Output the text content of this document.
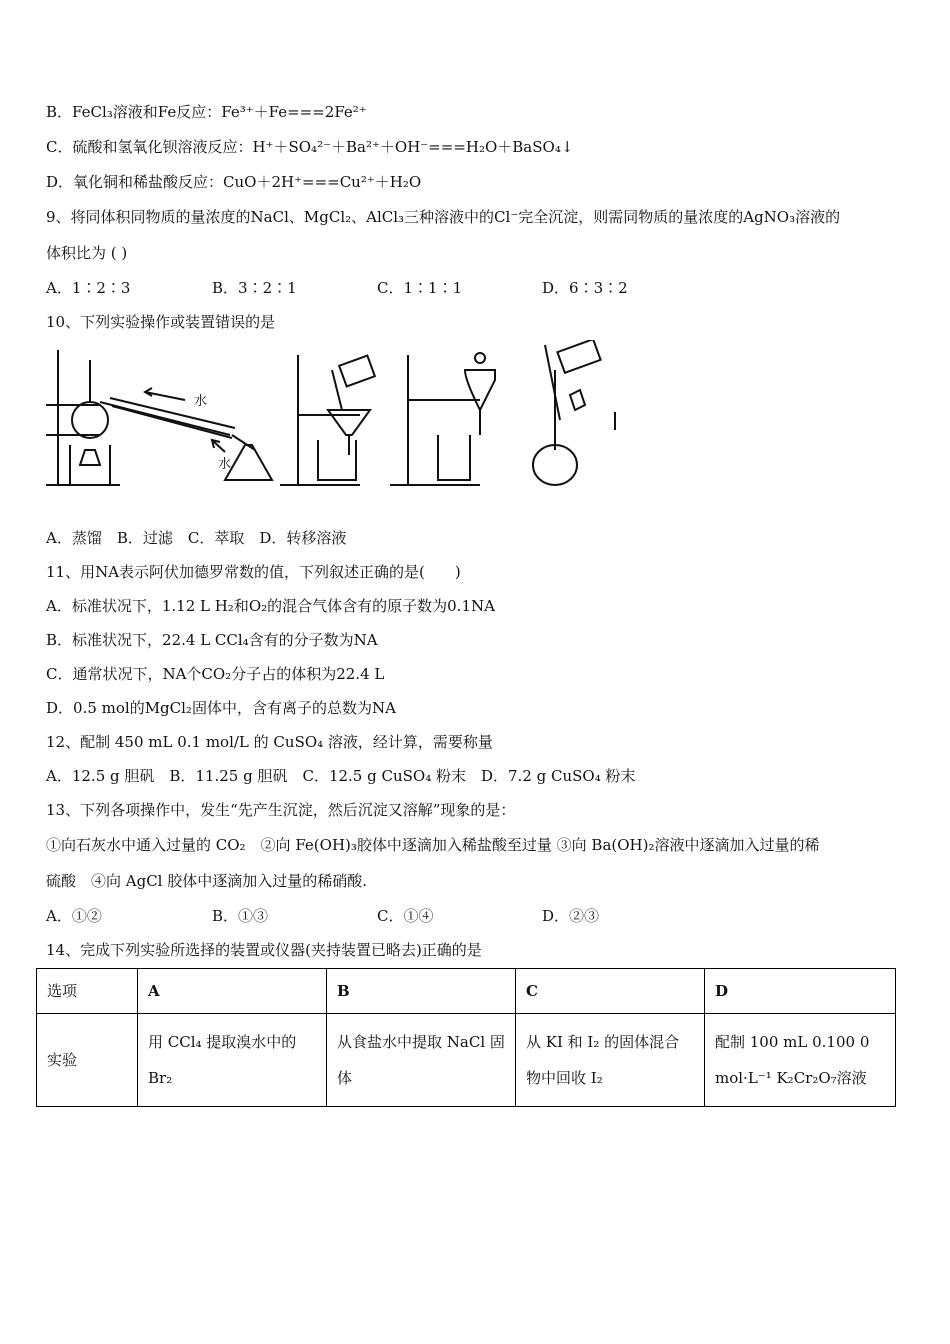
B．FeCl₃溶液和Fe反应：Fe³⁺＋Fe===2Fe²⁺
C．硫酸和氢氧化钡溶液反应：H⁺＋SO₄²⁻＋Ba²⁺＋OH⁻===H₂O＋BaSO₄↓
D．氧化铜和稀盐酸反应：CuO＋2H⁺===Cu²⁺＋H₂O
9、将同体积同物质的量浓度的NaCl、MgCl₂、AlCl₃三种溶液中的Cl⁻完全沉淀，则需同物质的量浓度的AgNO₃溶液的
体积比为 ( )
A．1∶2∶3	B．3∶2∶1	C．1∶1∶1	D．6∶3∶2
10、下列实验操作或装置错误的是
水
水
A．蒸馏　B．过滤　C．萃取　D．转移溶液
11、用NA表示阿伏加德罗常数的值，下列叙述正确的是(　　)
A．标准状况下，1.12 L H₂和O₂的混合气体含有的原子数为0.1NA
B．标准状况下，22.4 L CCl₄含有的分子数为NA
C．通常状况下，NA个CO₂分子占的体积为22.4 L
D．0.5 mol的MgCl₂固体中，含有离子的总数为NA
12、配制 450 mL 0.1 mol/L 的 CuSO₄ 溶液，经计算，需要称量
A．12.5 g 胆矾　B．11.25 g 胆矾　C．12.5 g CuSO₄ 粉末　D．7.2 g CuSO₄ 粉末
13、下列各项操作中，发生“先产生沉淀，然后沉淀又溶解”现象的是：
①向石灰水中通入过量的 CO₂　②向 Fe(OH)₃胶体中逐滴加入稀盐酸至过量 ③向 Ba(OH)₂溶液中逐滴加入过量的稀
硫酸　④向 AgCl 胶体中逐滴加入过量的稀硝酸.
A．①②	B．①③	C．①④	D．②③
14、完成下列实验所选择的装置或仪器(夹持装置已略去)正确的是
选项	A	B	C	D
实验	用 CCl₄ 提取溴水中的 Br₂	从食盐水中提取 NaCl 固体	从 KI 和 I₂ 的固体混合物中回收 I₂	配制 100 mL 0.100 0 mol·L⁻¹ K₂Cr₂O₇溶液
